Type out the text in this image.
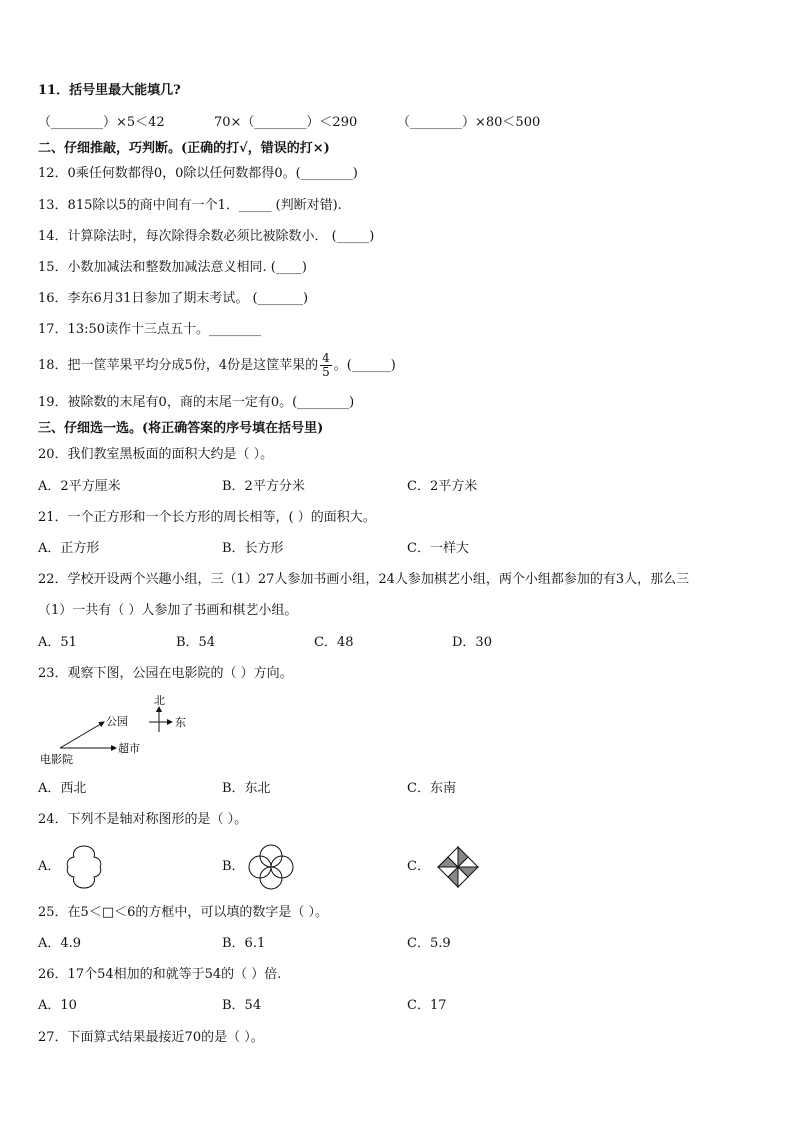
11．括号里最大能填几?
（________）×5＜42	70×（________）＜290	（________）×80＜500
二、仔细推敲，巧判断。(正确的打√，错误的打×)
12．0乘任何数都得0，0除以任何数都得0。(________)
13．815除以5的商中间有一个1．_____ (判断对错).
14．计算除法时，每次除得余数必须比被除数小． (_____)
15．小数加减法和整数加减法意义相同. (____)
16．李东6月31日参加了期末考试。 (_______)
17．13:50读作十三点五十。________
18．把一筐苹果平均分成5份，4份是这筐苹果的 $\frac{4}{5}$ 。(______)
19．被除数的末尾有0，商的末尾一定有0。(________)
三、仔细选一选。(将正确答案的序号填在括号里)
20．我们教室黑板面的面积大约是（ ）。
A．2平方厘米	B．2平方分米	C．2平方米
21．一个正方形和一个长方形的周长相等，( ）的面积大。
A．正方形	B．长方形	C．一样大
22．学校开设两个兴趣小组，三（1）27人参加书画小组，24人参加棋艺小组，两个小组都参加的有3人，那么三
（1）一共有（ ）人参加了书画和棋艺小组。
A．51	B．54	C．48	D．30
23．观察下图，公园在电影院的（ ）方向。
北
东
公园
超市
电影院
A．西北	B．东北	C．东南
24．下列不是轴对称图形的是（ ）。
A．	B．	C．
25．在5＜□＜6的方框中，可以填的数字是（ ）。
A．4.9	B．6.1	C．5.9
26．17个54相加的和就等于54的（ ）倍.
A．10	B．54	C．17
27．下面算式结果最接近70的是（ ）。
